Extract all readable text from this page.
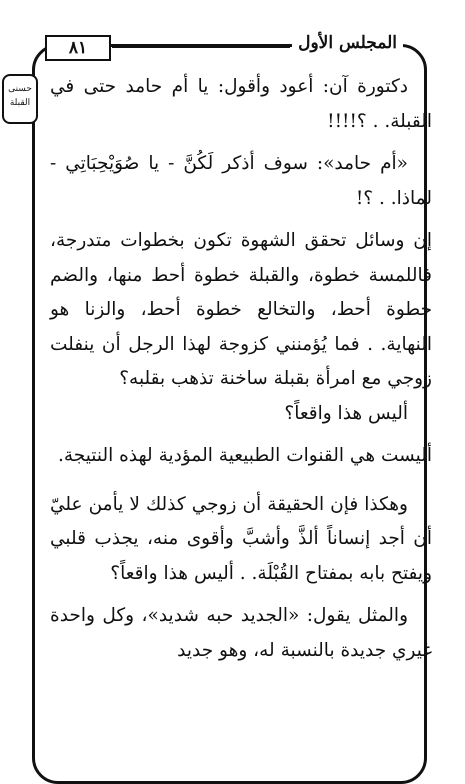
٨١	المجلس الأول
حسنى القبلة

دكتورة آن: أعود وأقول: يا أم حامد حتى في القبلة. . ؟!!!!

«أم حامد»: سوف أذكر لَكُنَّ - يا صُوَيْحِبَاتِي - لماذا. . ؟!

إن وسائل تحقق الشهوة تكون بخطوات متدرجة، فاللمسة خطوة، والقبلة خطوة أحط منها، والضم خطوة أحط، والتخالع خطوة أحط، والزنا هو النهاية. . فما يُؤمنني كزوجة لهذا الرجل أن ينفلت زوجي مع امرأة بقبلة ساخنة تذهب بقلبه؟

أليس هذا واقعاً؟

أليست هي القنوات الطبيعية المؤدية لهذه النتيجة.

وهكذا فإن الحقيقة أن زوجي كذلك لا يأمن عليّ أن أجد إنساناً ألذَّ وأشبَّ وأقوى منه، يجذب قلبي ويفتح بابه بمفتاح القُبْلَة. . أليس هذا واقعاً؟

والمثل يقول: «الجديد حبه شديد»، وكل واحدة غيري جديدة بالنسبة له، وهو جديد
